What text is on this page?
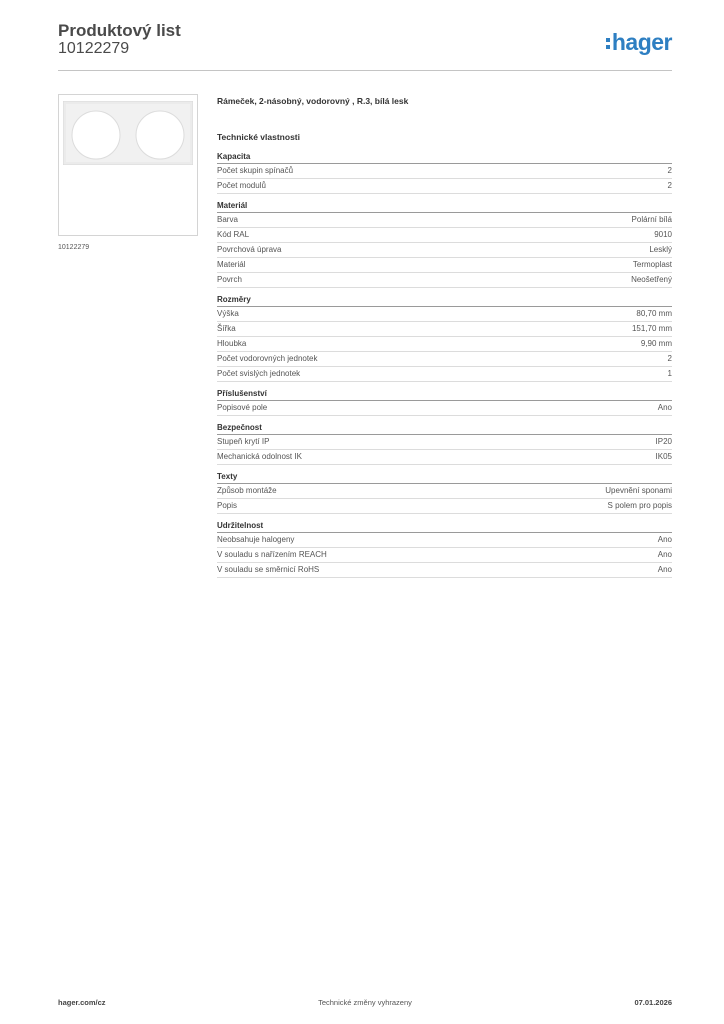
Produktový list
10122279	hager
10122279
Rámeček, 2-násobný, vodorovný , R.3, bílá lesk
Technické vlastnosti
Kapacita
Počet skupin spínačů	2
Počet modulů	2
Materiál
Barva	Polární bílá
Kód RAL	9010
Povrchová úprava	Lesklý
Materiál	Termoplast
Povrch	Neošetřený
Rozměry
Výška	80,70 mm
Šířka	151,70 mm
Hloubka	9,90 mm
Počet vodorovných jednotek	2
Počet svislých jednotek	1
Příslušenství
Popisové pole	Ano
Bezpečnost
Stupeň krytí IP	IP20
Mechanická odolnost IK	IK05
Texty
Způsob montáže	Upevnění sponami
Popis	S polem pro popis
Udržitelnost
Neobsahuje halogeny	Ano
V souladu s nařízením REACH	Ano
V souladu se směrnicí RoHS	Ano
Technické změny vyhrazeny
hager.com/cz	07.01.2026
